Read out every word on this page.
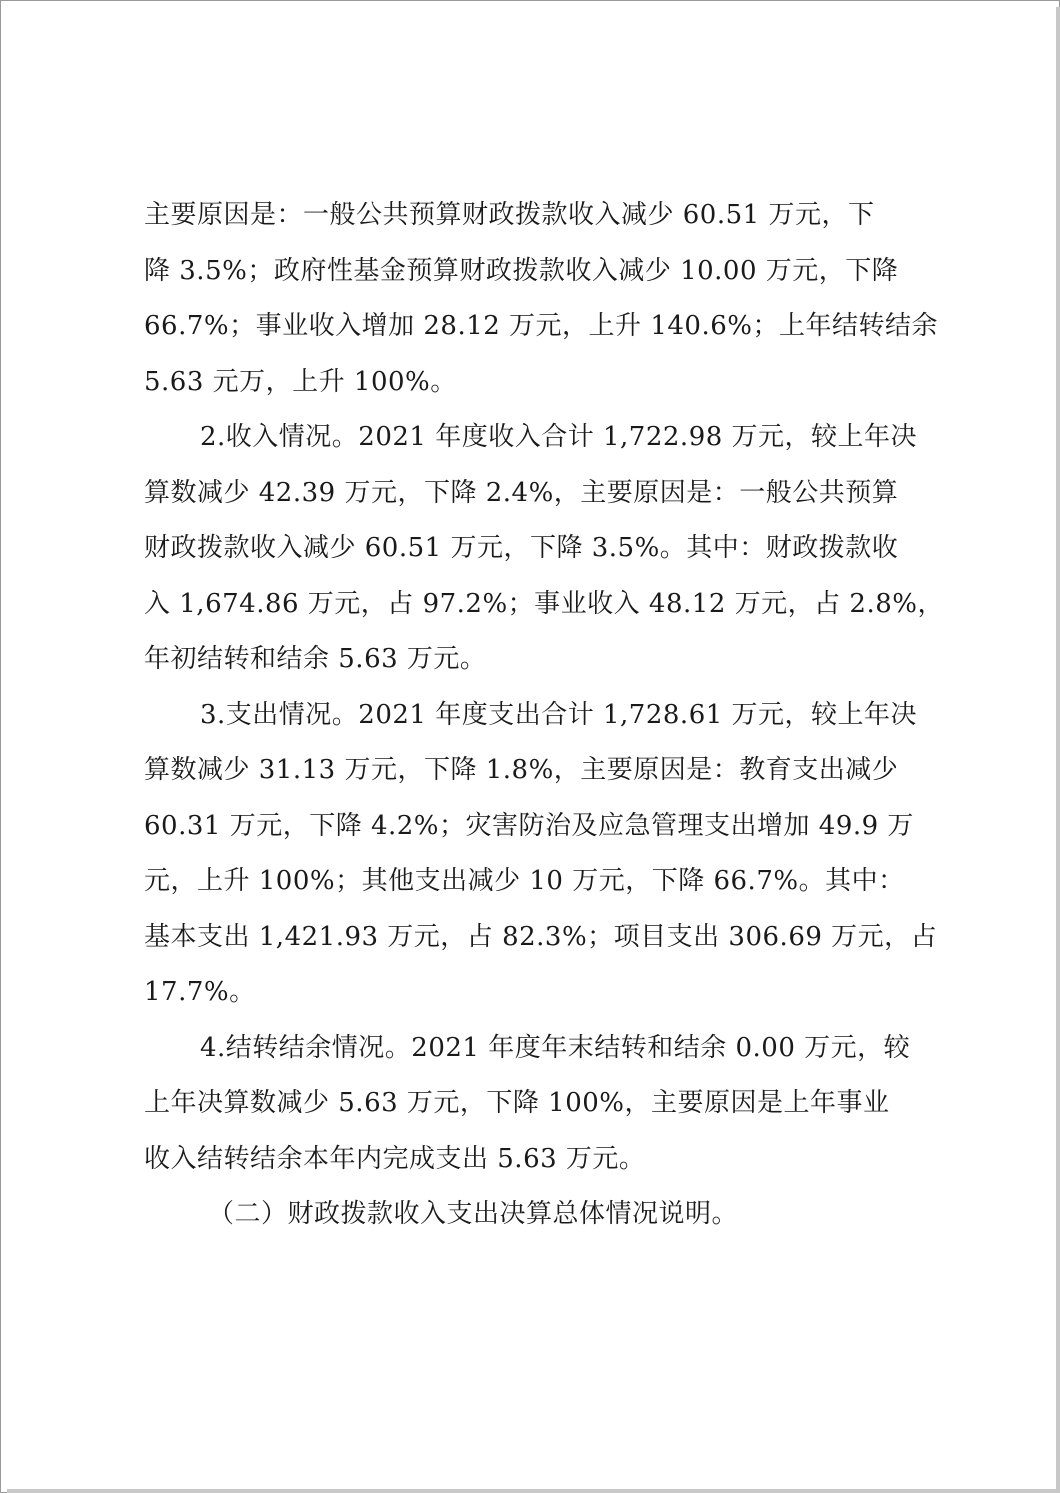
主要原因是：一般公共预算财政拨款收入减少 60.51 万元，下
降 3.5%；政府性基金预算财政拨款收入减少 10.00 万元，下降
66.7%；事业收入增加 28.12 万元，上升 140.6%；上年结转结余
5.63 元万，上升 100%。
2.收入情况。2021 年度收入合计 1,722.98 万元，较上年决
算数减少 42.39 万元，下降 2.4%，主要原因是：一般公共预算
财政拨款收入减少 60.51 万元，下降 3.5%。其中：财政拨款收
入 1,674.86 万元，占 97.2%；事业收入 48.12 万元，占 2.8%，
年初结转和结余 5.63 万元。
3.支出情况。2021 年度支出合计 1,728.61 万元，较上年决
算数减少 31.13 万元，下降 1.8%，主要原因是：教育支出减少
60.31 万元，下降 4.2%；灾害防治及应急管理支出增加 49.9 万
元，上升 100%；其他支出减少 10 万元，下降 66.7%。其中：
基本支出 1,421.93 万元，占 82.3%；项目支出 306.69 万元，占
17.7%。
4.结转结余情况。2021 年度年末结转和结余 0.00 万元，较
上年决算数减少 5.63 万元，下降 100%，主要原因是上年事业
收入结转结余本年内完成支出 5.63 万元。
（二）财政拨款收入支出决算总体情况说明。
